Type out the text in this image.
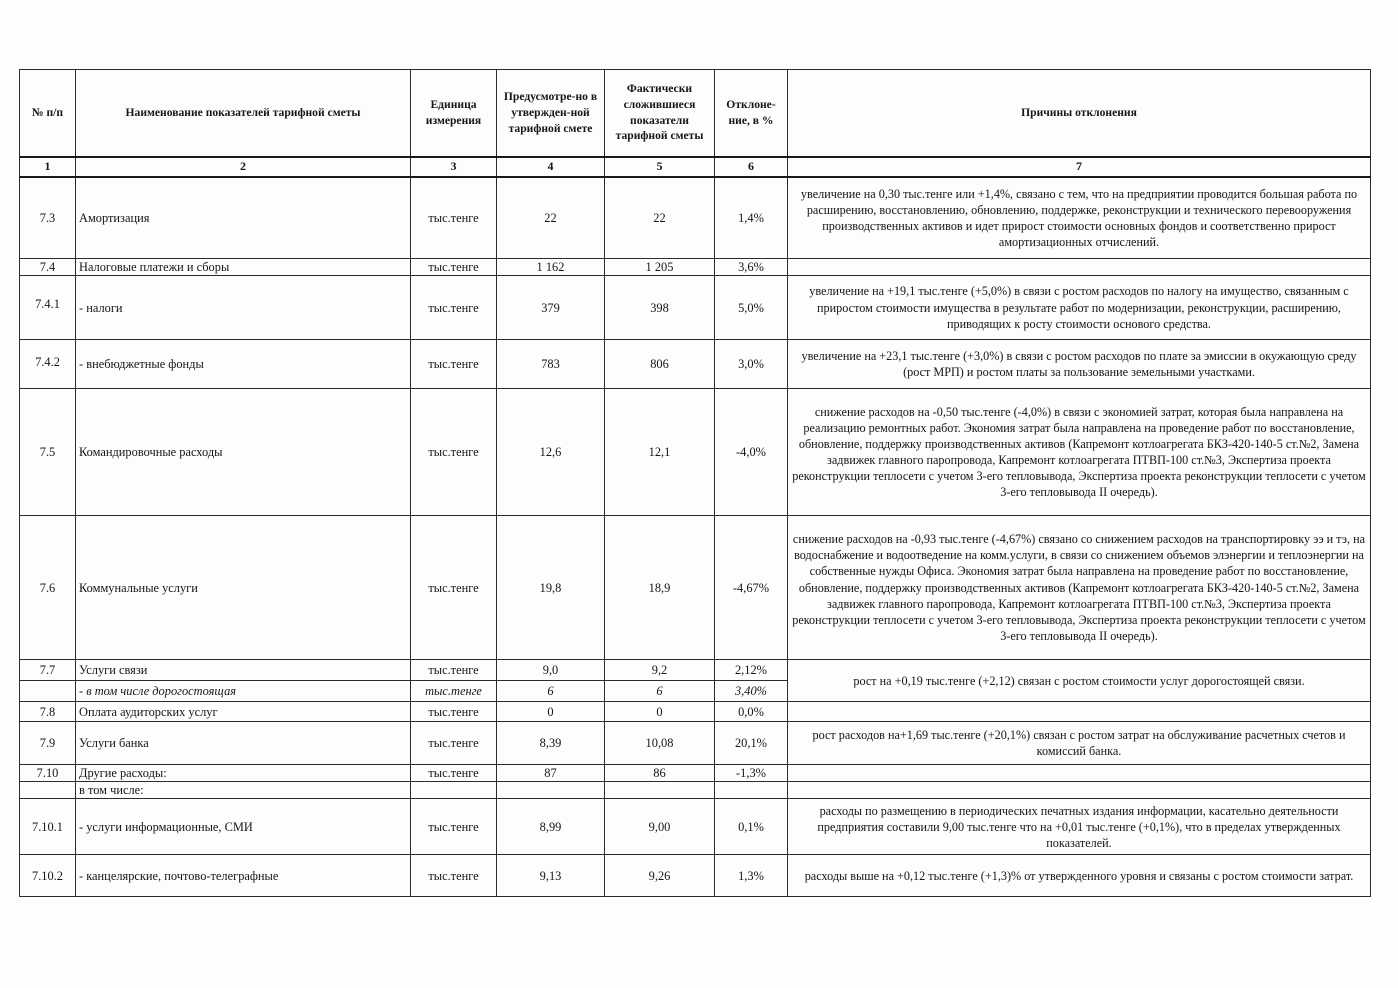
№ п/п	Наименование показателей тарифной сметы	Единица измерения	Предусмотре-но в утвержден-ной тарифной смете	Фактически сложившиеся показатели тарифной сметы	Отклоне-ние, в %	Причины отклонения
1	2	3	4	5	6	7
7.3	Амортизация	тыс.тенге	22	22	1,4%	увеличение на 0,30 тыс.тенге или +1,4%, связано с тем, что на предприятии проводится большая работа по расширению, восстановлению, обновлению, поддержке, реконструкции и технического перевооружения производственных активов и идет прирост стоимости основных фондов и соответственно прирост амортизационных отчислений.
7.4	Налоговые платежи и сборы	тыс.тенге	1 162	1 205	3,6%	
7.4.1	- налоги	тыс.тенге	379	398	5,0%	увеличение на +19,1 тыс.тенге (+5,0%) в связи с ростом расходов по налогу на имущество, связанным с приростом стоимости имущества в результате работ по модернизации, реконструкции, расширению, приводящих к росту стоимости основого средства.
7.4.2	- внебюджетные фонды	тыс.тенге	783	806	3,0%	увеличение на +23,1 тыс.тенге (+3,0%) в связи с ростом расходов по плате за эмиссии в окужающую среду (рост МРП) и ростом платы за пользование земельными участками.
7.5	Командировочные расходы	тыс.тенге	12,6	12,1	-4,0%	снижение расходов на -0,50 тыс.тенге (-4,0%) в связи с экономией затрат, которая была направлена на реализацию ремонтных работ. Экономия затрат была направлена на проведение работ по восстановление, обновление, поддержку производственных активов (Капремонт котлоагрегата БКЗ-420-140-5 ст.№2, Замена задвижек главного паропровода, Капремонт котлоагрегата ПТВП-100 ст.№3, Экспертиза проекта реконструкции теплосети с учетом 3-его тепловывода, Экспертиза проекта реконструкции теплосети с учетом 3-его тепловывода II очередь).
7.6	Коммунальные услуги	тыс.тенге	19,8	18,9	-4,67%	снижение расходов на -0,93 тыс.тенге (-4,67%) связано со снижением расходов на транспортировку ээ и тэ, на водоснабжение и водоотведение на комм.услуги, в связи со снижением объемов элэнергии и теплоэнергии на собственные нужды Офиса. Экономия затрат была направлена на проведение работ по восстановление, обновление, поддержку производственных активов (Капремонт котлоагрегата БКЗ-420-140-5 ст.№2, Замена задвижек главного паропровода, Капремонт котлоагрегата ПТВП-100 ст.№3, Экспертиза проекта реконструкции теплосети с учетом 3-его тепловывода, Экспертиза проекта реконструкции теплосети с учетом 3-его тепловывода II очередь).
7.7	Услуги связи	тыс.тенге	9,0	9,2	2,12%	рост на +0,19 тыс.тенге (+2,12) связан с ростом стоимости услуг дорогостоящей связи.
	- в том числе дорогостоящая	тыс.тенге	6	6	3,40%	
7.8	Оплата аудиторских услуг	тыс.тенге	0	0	0,0%	
7.9	Услуги банка	тыс.тенге	8,39	10,08	20,1%	рост расходов на+1,69 тыс.тенге (+20,1%) связан с ростом затрат на обслуживание расчетных счетов и комиссий банка.
7.10	Другие расходы:	тыс.тенге	87	86	-1,3%	
	в том числе:					
7.10.1	- услуги информационные, СМИ	тыс.тенге	8,99	9,00	0,1%	расходы по размещению в периодических печатных издания информации, касательно деятельности предприятия составили 9,00 тыс.тенге что на +0,01 тыс.тенге (+0,1%), что в пределах утвержденных показателей.
7.10.2	- канцелярские, почтово-телеграфные	тыс.тенге	9,13	9,26	1,3%	расходы выше на +0,12 тыс.тенге (+1,3)% от утвержденного уровня и связаны с ростом стоимости затрат.
